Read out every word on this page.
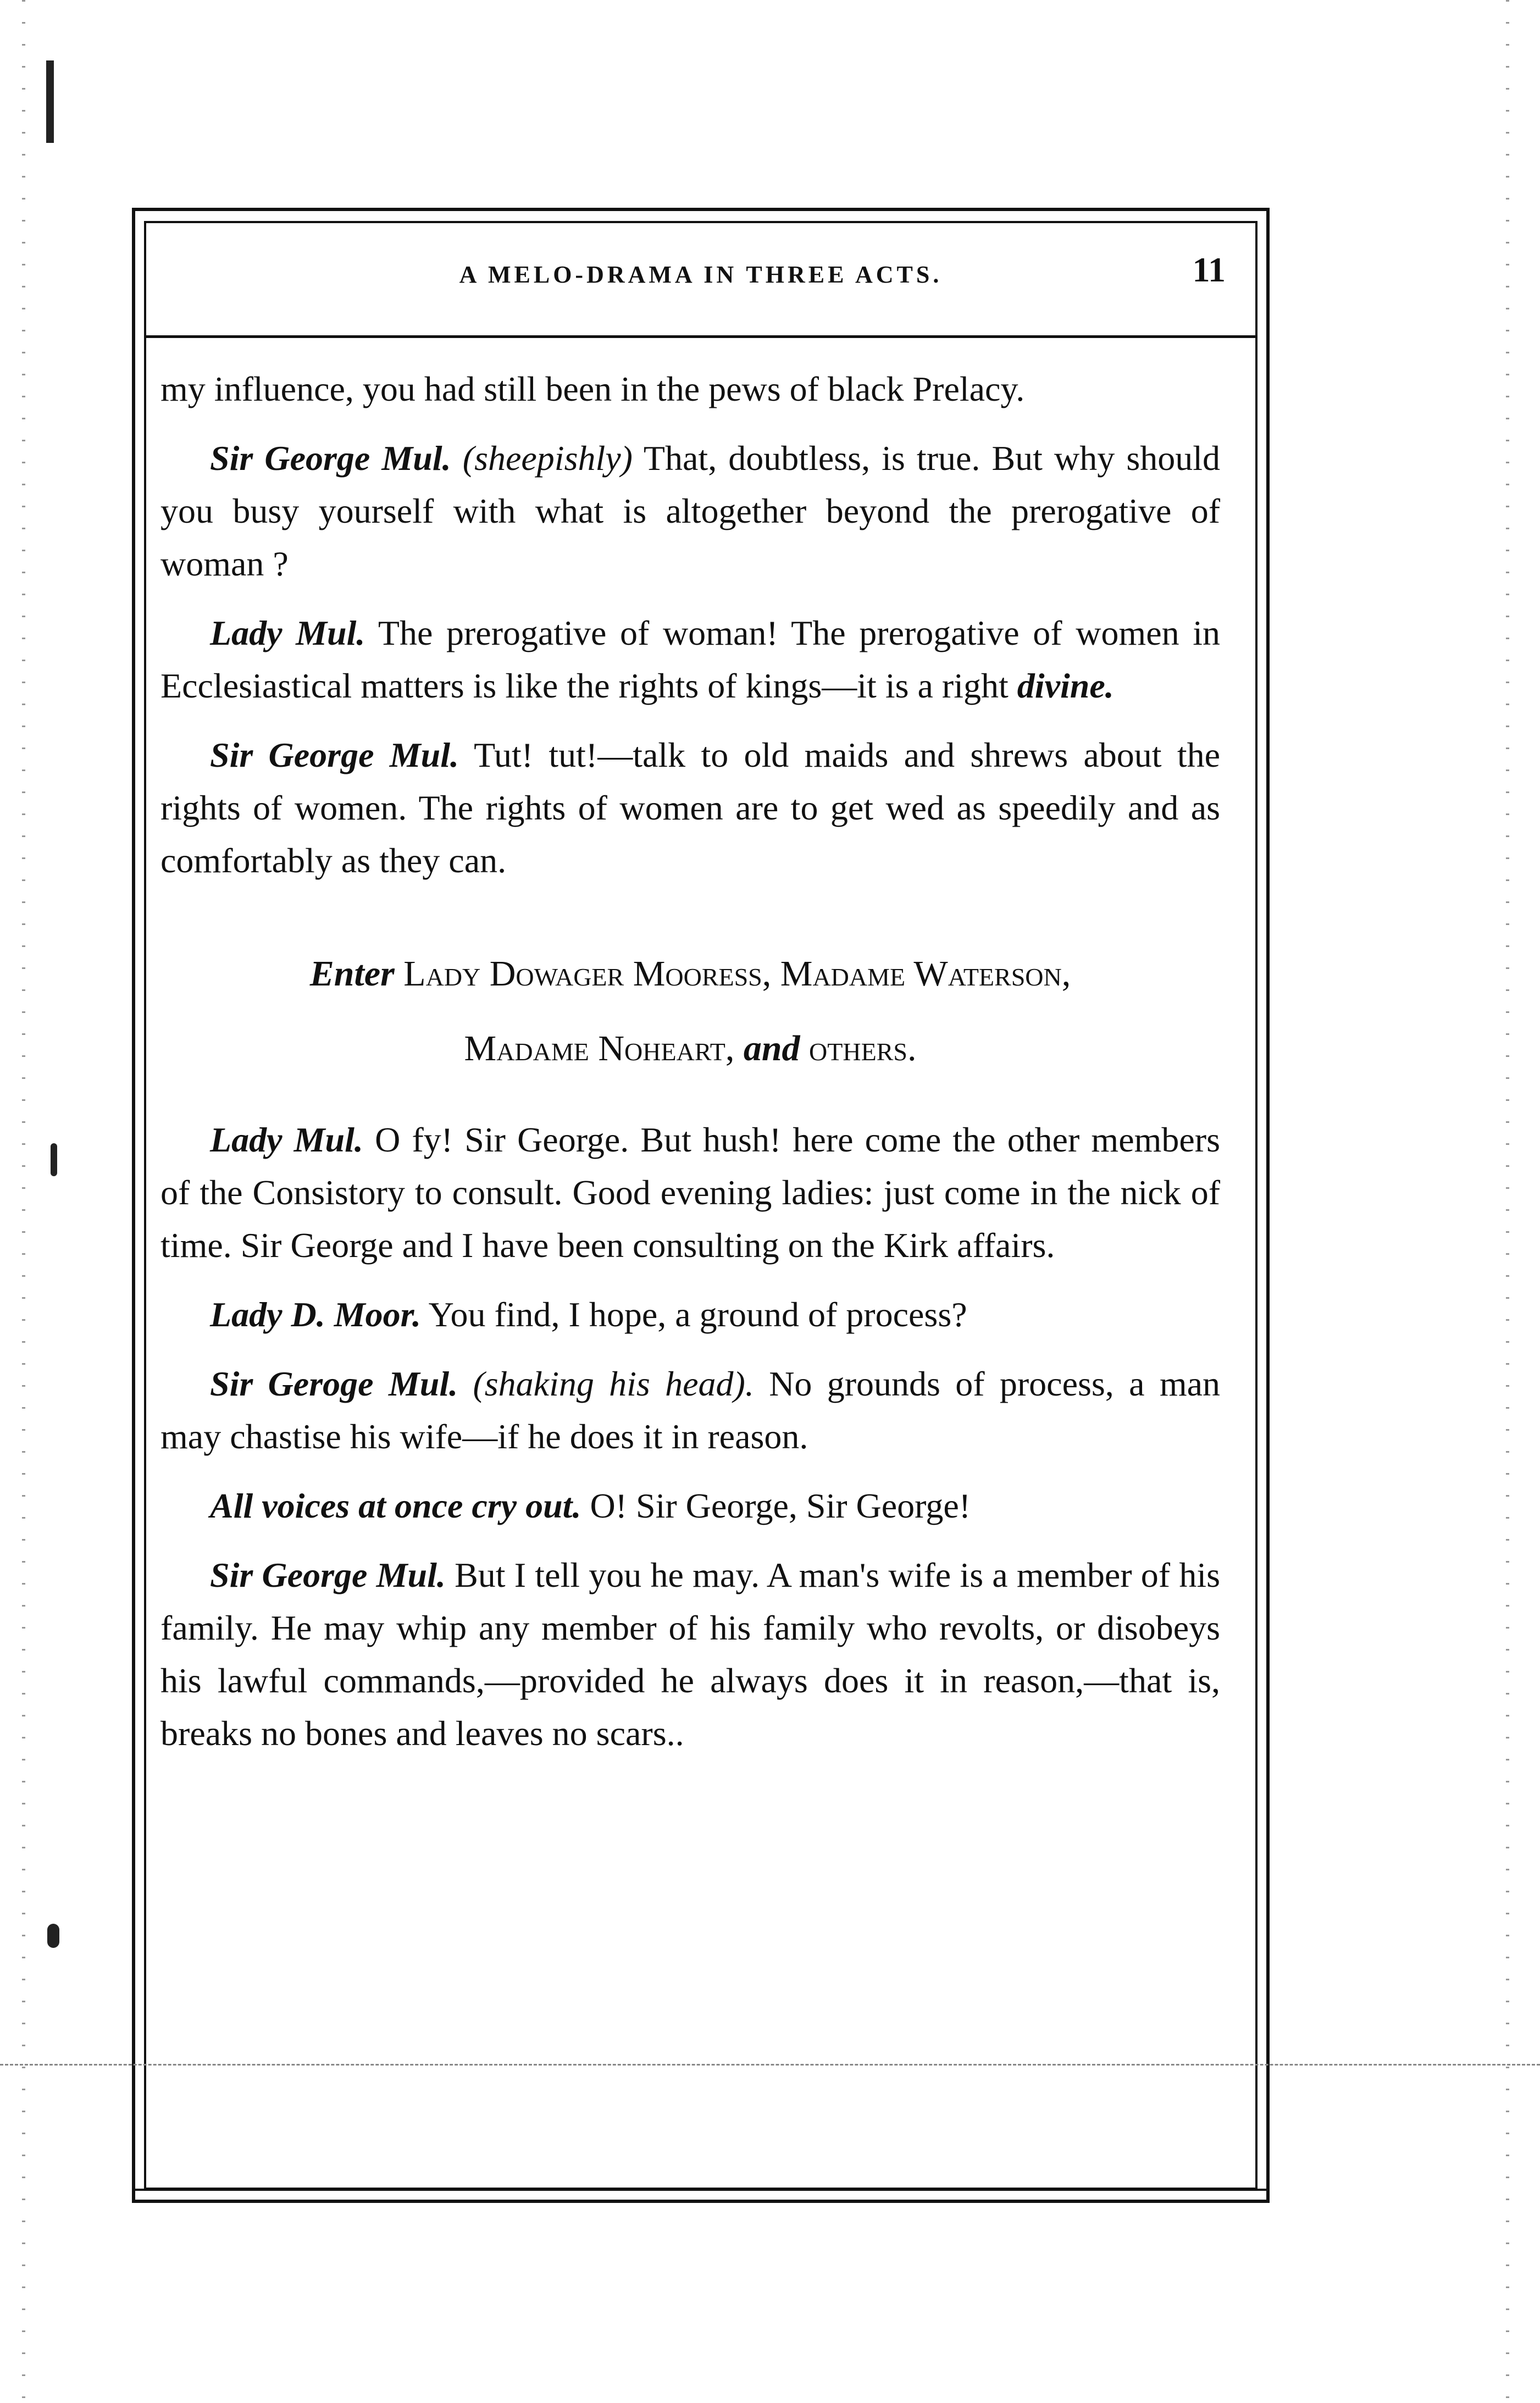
A MELO-DRAMA IN THREE ACTS.	11

my influence, you had still been in the pews of black Prelacy.

Sir George Mul. (sheepishly) That, doubtless, is true. But why should you busy yourself with what is altogether beyond the prerogative of woman ?

Lady Mul. The prerogative of woman! The prerogative of women in Ecclesiastical matters is like the rights of kings—it is a right divine.

Sir George Mul. Tut! tut!—talk to old maids and shrews about the rights of women. The rights of women are to get wed as speedily and as comfortably as they can.

Enter Lady Dowager Mooress, Madame Waterson,

Madame Noheart, and others.

Lady Mul. O fy! Sir George. But hush! here come the other members of the Consistory to consult. Good evening ladies: just come in the nick of time. Sir George and I have been consulting on the Kirk affairs.

Lady D. Moor. You find, I hope, a ground of process?

Sir Geroge Mul. (shaking his head). No grounds of process, a man may chastise his wife—if he does it in reason.

All voices at once cry out. O! Sir George, Sir George!

Sir George Mul. But I tell you he may. A man's wife is a member of his family. He may whip any member of his family who revolts, or disobeys his lawful commands,—provided he always does it in reason,—that is, breaks no bones and leaves no scars..
